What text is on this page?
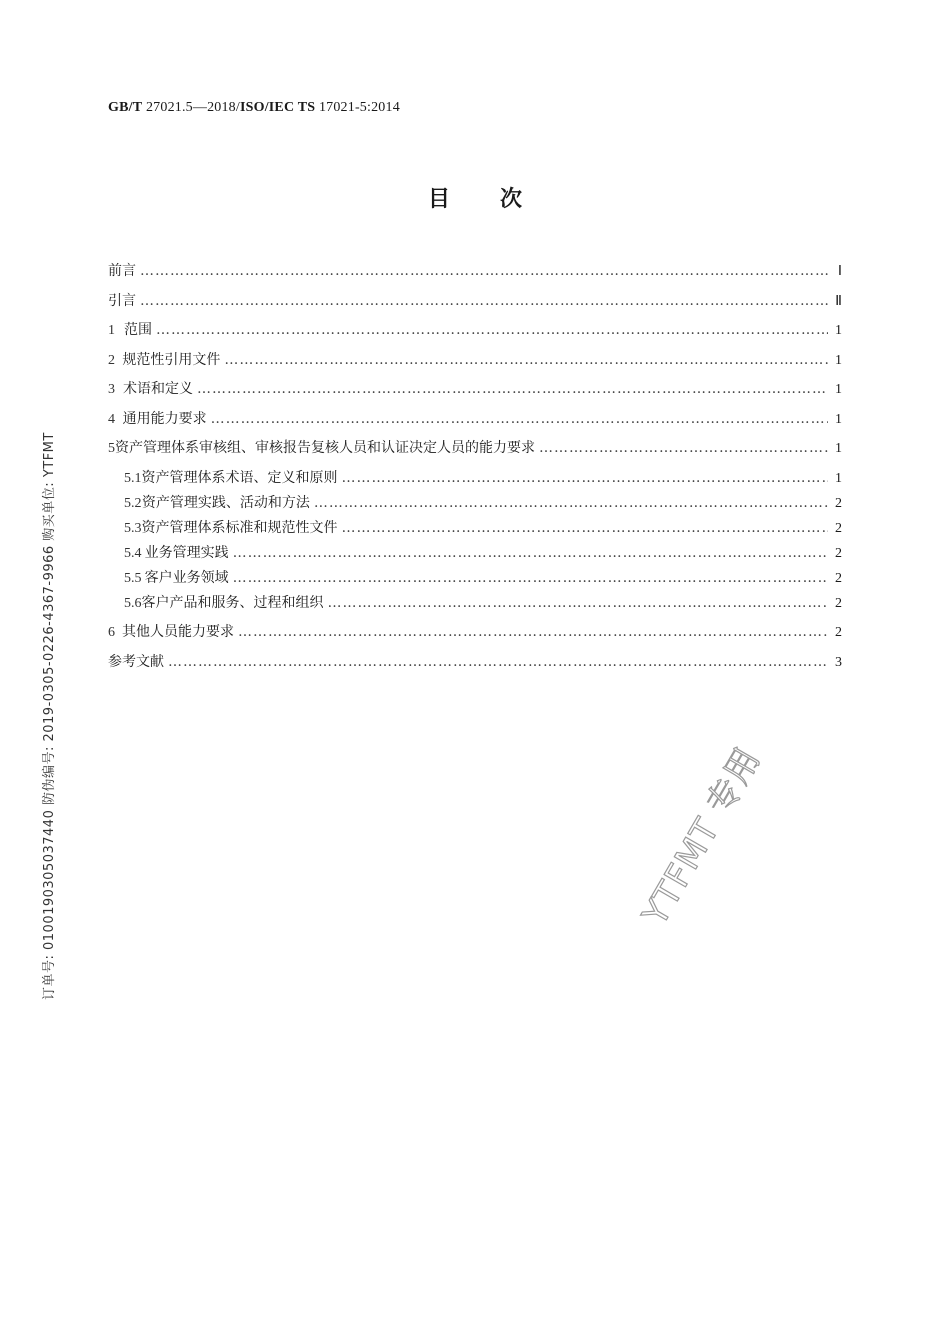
GB/T 27021.5—2018/ISO/IEC TS 17021-5:2014
目次
前言 …………………………………………………………………………………………………………………………………………………………………………………………………	Ⅰ
引言 …………………………………………………………………………………………………………………………………………………………………………………………………	Ⅱ
1 范围 …………………………………………………………………………………………………………………………………………………………………………………………………	1
2 规范性引用文件 …………………………………………………………………………………………………………………………………………………………………………………………………	1
3 术语和定义 …………………………………………………………………………………………………………………………………………………………………………………………………	1
4 通用能力要求 …………………………………………………………………………………………………………………………………………………………………………………………………	1
5 资产管理体系审核组、审核报告复核人员和认证决定人员的能力要求 …………………………………………………………………………………………………………………………………………………………………………………………………	1
5.1 资产管理体系术语、定义和原则 …………………………………………………………………………………………………………………………………………………………………………………………………	1
5.2 资产管理实践、活动和方法 …………………………………………………………………………………………………………………………………………………………………………………………………	2
5.3 资产管理体系标准和规范性文件 …………………………………………………………………………………………………………………………………………………………………………………………………	2
5.4 业务管理实践 …………………………………………………………………………………………………………………………………………………………………………………………………	2
5.5 客户业务领域 …………………………………………………………………………………………………………………………………………………………………………………………………	2
5.6 客户产品和服务、过程和组织 …………………………………………………………………………………………………………………………………………………………………………………………………	2
6 其他人员能力要求 …………………………………………………………………………………………………………………………………………………………………………………………………	2
参考文献 …………………………………………………………………………………………………………………………………………………………………………………………………	3
订单号: 0100190305037440 防伪编号: 2019-0305-0226-4367-9966 购买单位: YTFMT	YTFMT 专用
